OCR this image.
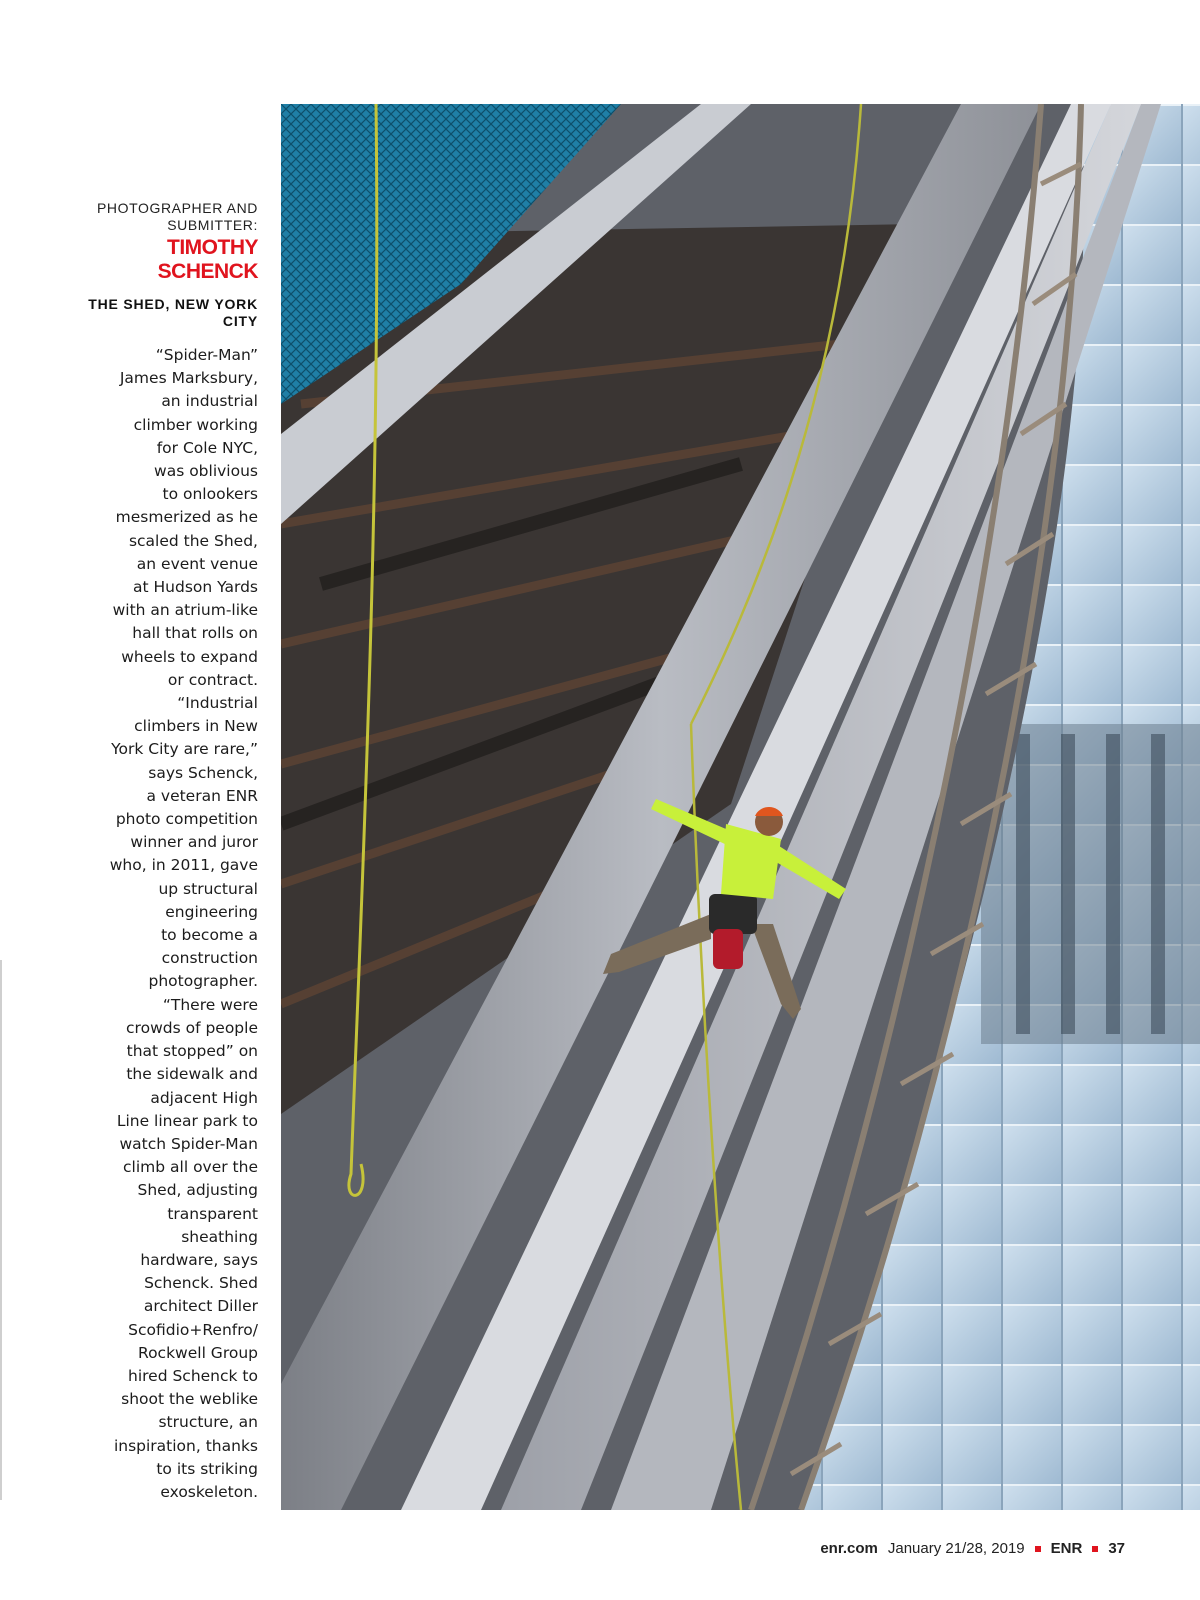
PHOTOGRAPHER AND SUBMITTER:
TIMOTHY SCHENCK
THE SHED, NEW YORK CITY
“Spider-Man”
James Marksbury,
an industrial
climber working
for Cole NYC,
was oblivious
to onlookers
mesmerized as he
scaled the Shed,
an event venue
at Hudson Yards
with an atrium-like
hall that rolls on
wheels to expand
or contract.
“Industrial
climbers in New
York City are rare,”
says Schenck,
a veteran ENR
photo competition
winner and juror
who, in 2011, gave
up structural
engineering
to become a
construction
photographer.
“There were
crowds of people
that stopped” on
the sidewalk and
adjacent High
Line linear park to
watch Spider-Man
climb all over the
Shed, adjusting
transparent
sheathing
hardware, says
Schenck. Shed
architect Diller
Scofidio+Renfro/
Rockwell Group
hired Schenck to
shoot the weblike
structure, an
inspiration, thanks
to its striking
exoskeleton.
enr.com January 21/28, 2019 ENR 37
